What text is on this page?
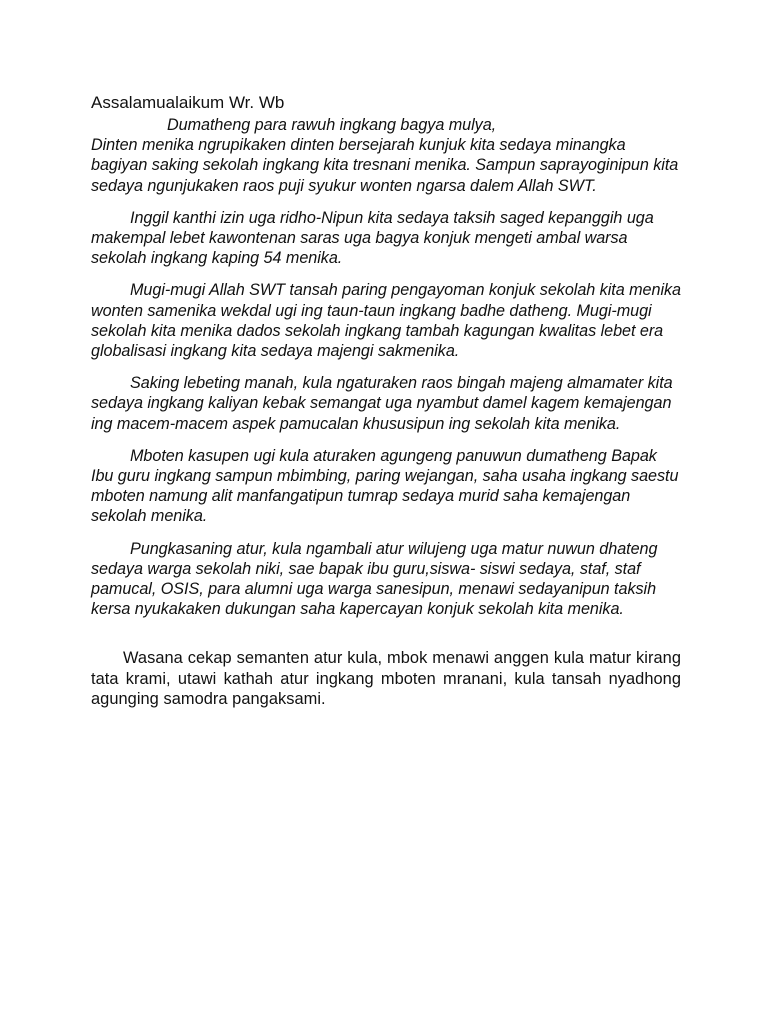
Assalamualaikum Wr. Wb

Dumatheng para rawuh ingkang bagya mulya,

Dinten menika ngrupikaken dinten bersejarah kunjuk kita sedaya minangka bagiyan saking sekolah ingkang kita tresnani menika. Sampun saprayoginipun kita sedaya ngunjukaken raos puji syukur wonten ngarsa dalem Allah SWT.

Inggil kanthi izin uga ridho-Nipun kita sedaya taksih saged kepanggih uga makempal lebet kawontenan saras uga bagya konjuk mengeti ambal warsa sekolah ingkang kaping 54 menika.

Mugi-mugi Allah SWT tansah paring pengayoman konjuk sekolah kita menika wonten samenika wekdal ugi ing taun-taun ingkang badhe datheng. Mugi-mugi sekolah kita menika dados sekolah ingkang tambah kagungan kwalitas lebet era globalisasi ingkang kita sedaya majengi sakmenika.

Saking lebeting manah, kula ngaturaken raos bingah majeng almamater kita sedaya ingkang kaliyan kebak semangat uga nyambut damel kagem kemajengan ing macem-macem aspek pamucalan khususipun ing sekolah kita menika.

Mboten kasupen ugi kula aturaken agungeng panuwun dumatheng Bapak Ibu guru ingkang sampun mbimbing, paring wejangan, saha usaha ingkang saestu mboten namung alit manfangatipun tumrap sedaya murid saha kemajengan sekolah menika.

Pungkasaning atur, kula ngambali atur wilujeng uga matur nuwun dhateng sedaya warga sekolah niki, sae bapak ibu guru,siswa- siswi sedaya, staf, staf pamucal, OSIS, para alumni uga warga sanesipun, menawi sedayanipun taksih kersa nyukakaken dukungan saha kapercayan konjuk sekolah kita menika.

Wasana cekap semanten atur kula, mbok menawi anggen kula matur kirang tata krami, utawi kathah atur ingkang mboten mranani, kula tansah nyadhong agunging samodra pangaksami.
